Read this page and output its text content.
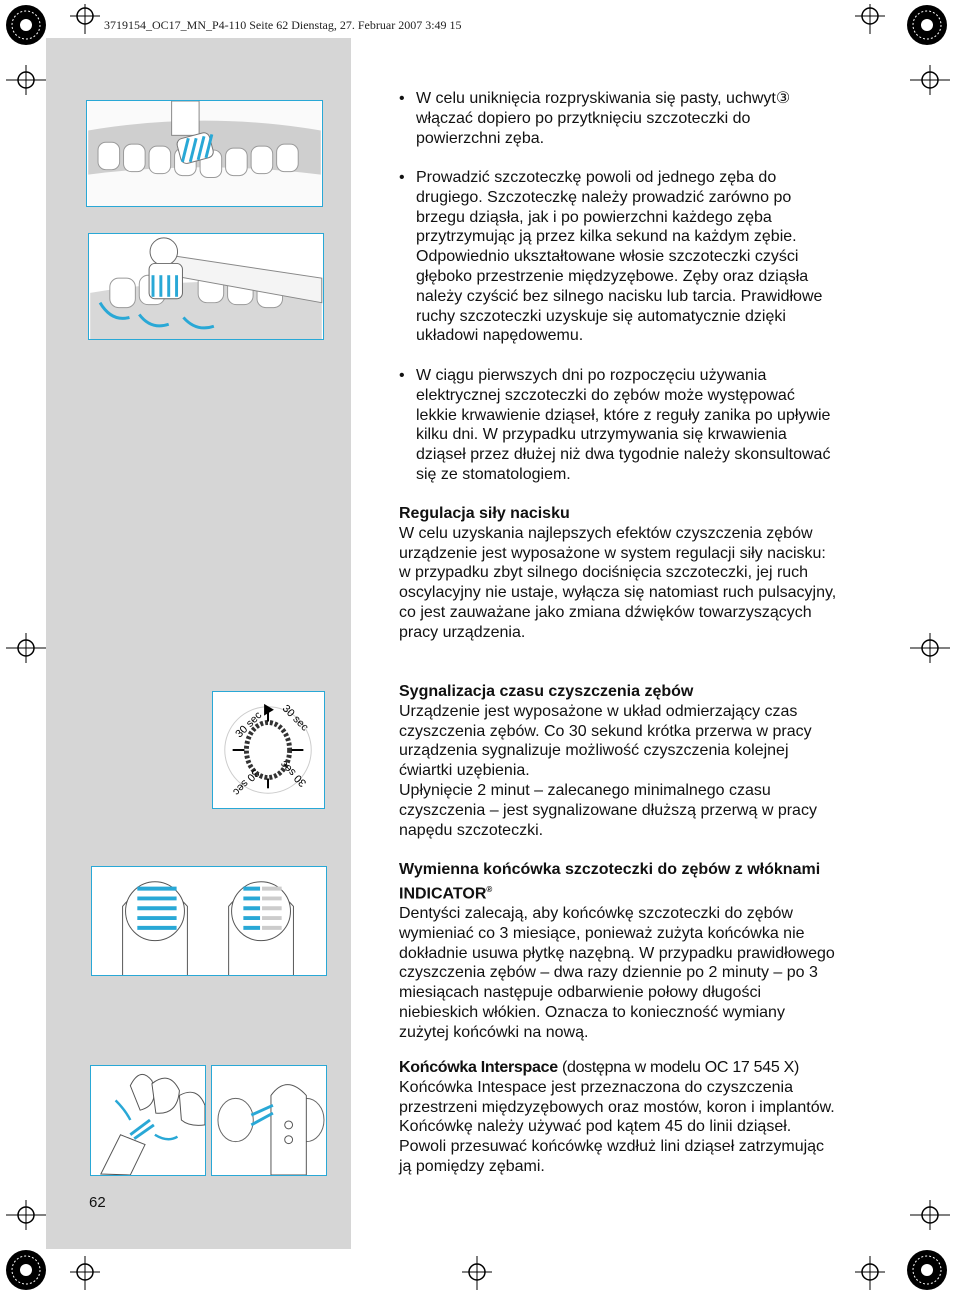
3719154_OC17_MN_P4-110 Seite 62 Dienstag, 27. Februar 2007 3:49 15
30 sec 30 sec
30 sec
30 sec
62
• W celu uniknięcia rozpryskiwania się pasty, uchwyt③ włączać dopiero po przytknięciu szczoteczki do powierzchni zęba.
• Prowadzić szczoteczkę powoli od jednego zęba do drugiego. Szczoteczkę należy prowadzić zarówno po brzegu dziąsła, jak i po powierzchni każdego zęba przytrzymując ją przez kilka sekund na każdym zębie. Odpowiednio ukształtowane włosie szczoteczki czyści głęboko przestrzenie międzyzębowe. Zęby oraz dziąsła należy czyścić bez silnego nacisku lub tarcia. Prawidłowe ruchy szczoteczki uzyskuje się automatycznie dzięki układowi napędowemu.
• W ciągu pierwszych dni po rozpoczęciu używania elektrycznej szczoteczki do zębów może występować lekkie krwawienie dziąseł, które z reguły zanika po upływie kilku dni. W przypadku utrzymywania się krwawienia dziąseł przez dłużej niż dwa tygodnie należy skonsultować się ze stomatologiem.
Regulacja siły nacisku

W celu uzyskania najlepszych efektów czyszczenia zębów urządzenie jest wyposażone w system regulacji siły nacisku: w przypadku zbyt silnego dociśnięcia szczoteczki, jej ruch oscylacyjny nie ustaje, wyłącza się natomiast ruch pulsacyjny, co jest zauważane jako zmiana dźwięków towarzyszących pracy urządzenia.

Sygnalizacja czasu czyszczenia zębów

Urządzenie jest wyposażone w układ odmierzający czas czyszczenia zębów. Co 30 sekund krótka przerwa w pracy urządzenia sygnalizuje możliwość czyszczenia kolejnej ćwiartki uzębienia.

Upłynięcie 2 minut – zalecanego minimalnego czasu czyszczenia – jest sygnalizowane dłuższą przerwą w pracy napędu szczoteczki.

Wymienna końcówka szczoteczki do zębów z włóknami INDICATOR®

Dentyści zalecają, aby końcówkę szczoteczki do zębów wymieniać co 3 miesiące, ponieważ zużyta końcówka nie dokładnie usuwa płytkę nazębną. W przypadku prawidłowego czyszczenia zębów – dwa razy dziennie po 2 minuty – po 3 miesiącach następuje odbarwienie połowy długości niebieskich włókien. Oznacza to konieczność wymiany zużytej końcówki na nową.

Końcówka Interspace (dostępna w modelu OC 17 545 X)

Końcówka Intespace jest przeznaczona do czyszczenia przestrzeni międzyzębowych oraz mostów, koron i implantów. Końcówkę należy używać pod kątem 45 do linii dziąseł. Powoli przesuwać końcówkę wzdłuż lini dziąseł zatrzymując ją pomiędzy zębami.
